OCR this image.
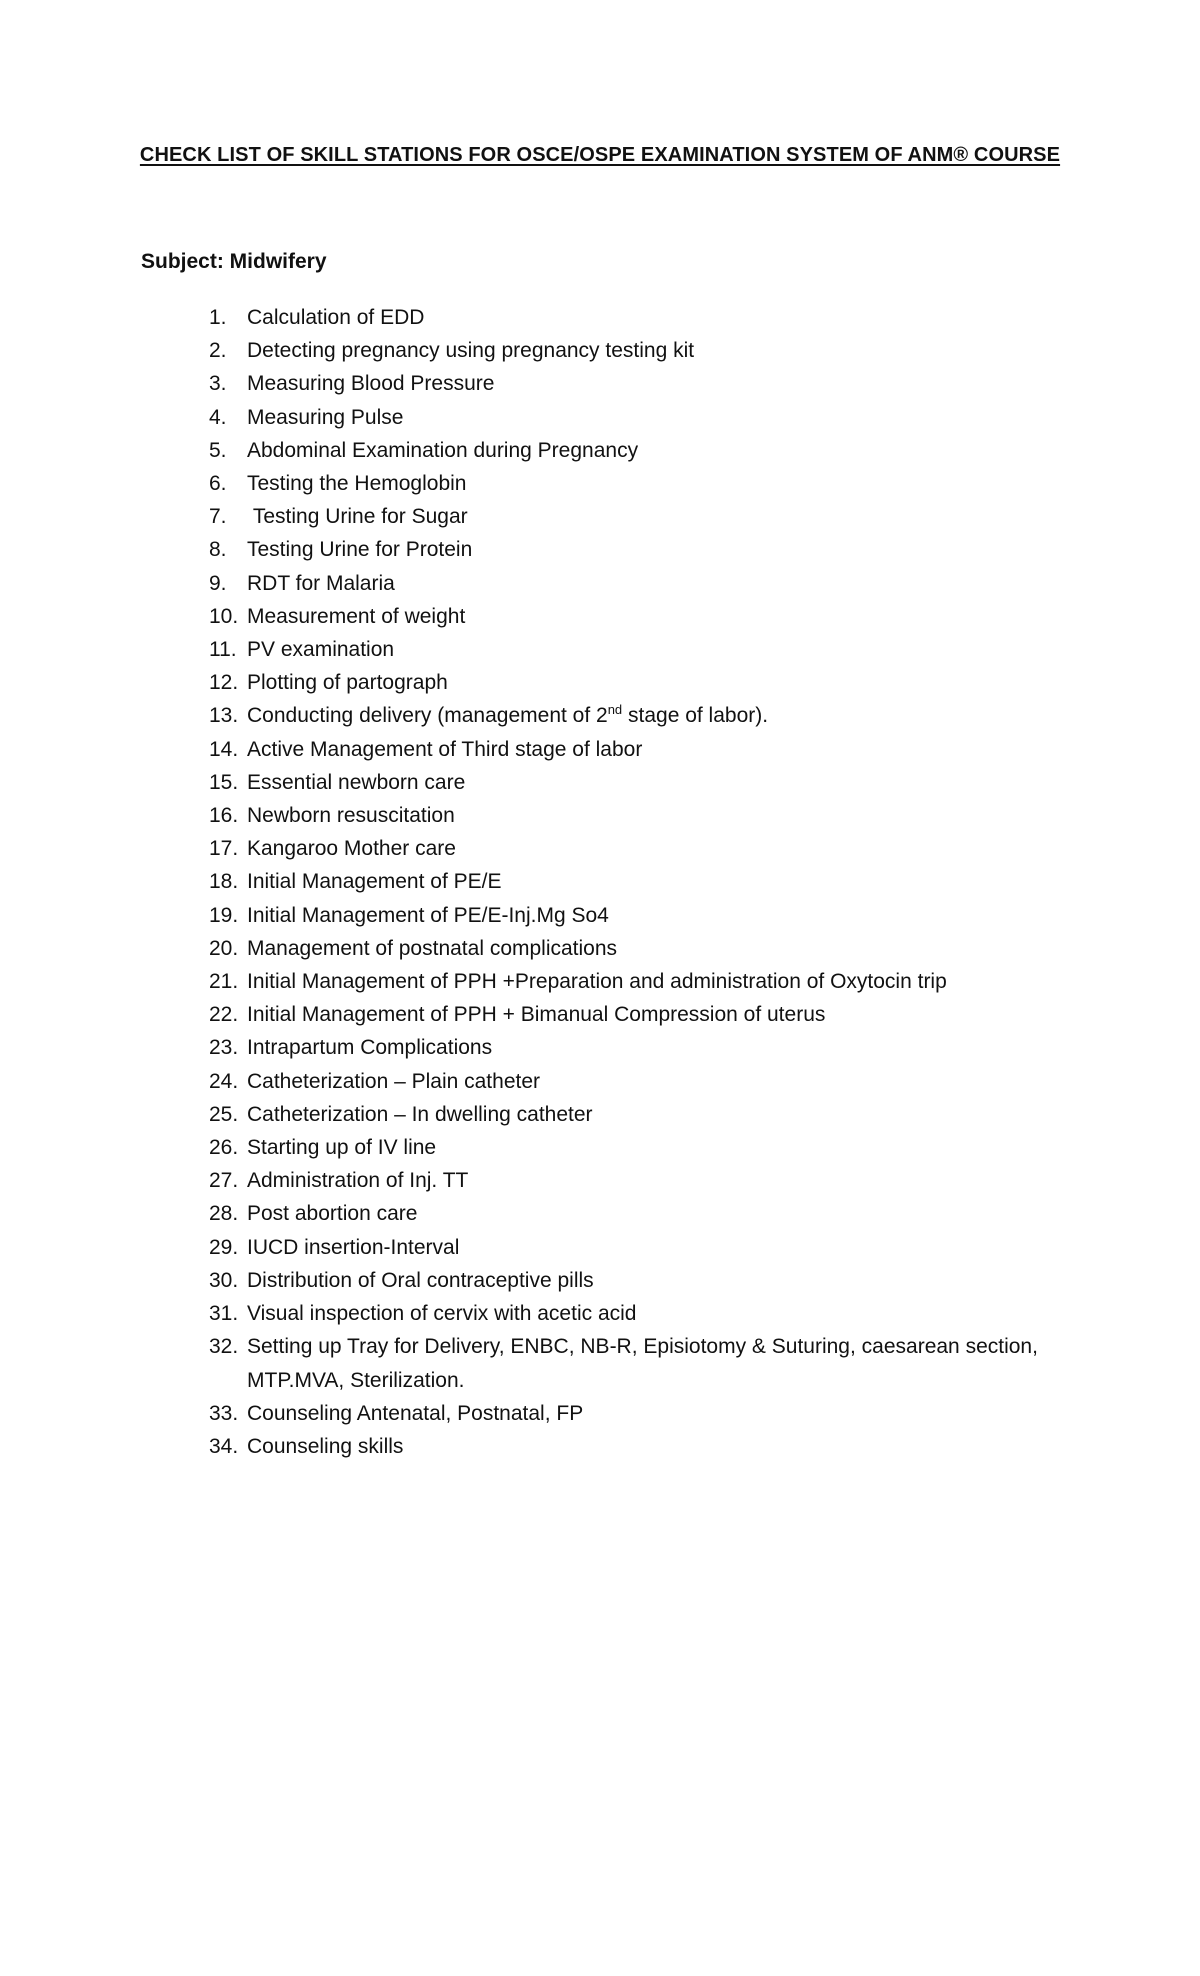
CHECK LIST OF SKILL STATIONS FOR OSCE/OSPE EXAMINATION SYSTEM OF ANM® COURSE
Subject: Midwifery
1. Calculation of EDD
2. Detecting pregnancy using pregnancy testing kit
3. Measuring Blood Pressure
4. Measuring Pulse
5. Abdominal Examination during Pregnancy
6. Testing the Hemoglobin
7. Testing Urine for Sugar
8. Testing Urine for Protein
9. RDT for Malaria
10. Measurement of weight
11. PV examination
12. Plotting of partograph
13. Conducting delivery (management of 2nd stage of labor).
14. Active Management of Third stage of labor
15. Essential newborn care
16. Newborn resuscitation
17. Kangaroo Mother care
18. Initial Management of PE/E
19. Initial Management of PE/E-Inj.Mg So4
20. Management of postnatal complications
21. Initial Management of PPH +Preparation and administration of Oxytocin trip
22. Initial Management of PPH + Bimanual Compression of uterus
23. Intrapartum Complications
24. Catheterization – Plain catheter
25. Catheterization – In dwelling catheter
26. Starting up of IV line
27. Administration of Inj. TT
28. Post abortion care
29. IUCD insertion-Interval
30. Distribution of Oral contraceptive pills
31. Visual inspection of cervix with acetic acid
32. Setting up Tray for Delivery, ENBC, NB-R, Episiotomy & Suturing, caesarean section, MTP.MVA, Sterilization.
33. Counseling Antenatal, Postnatal, FP
34. Counseling skills
